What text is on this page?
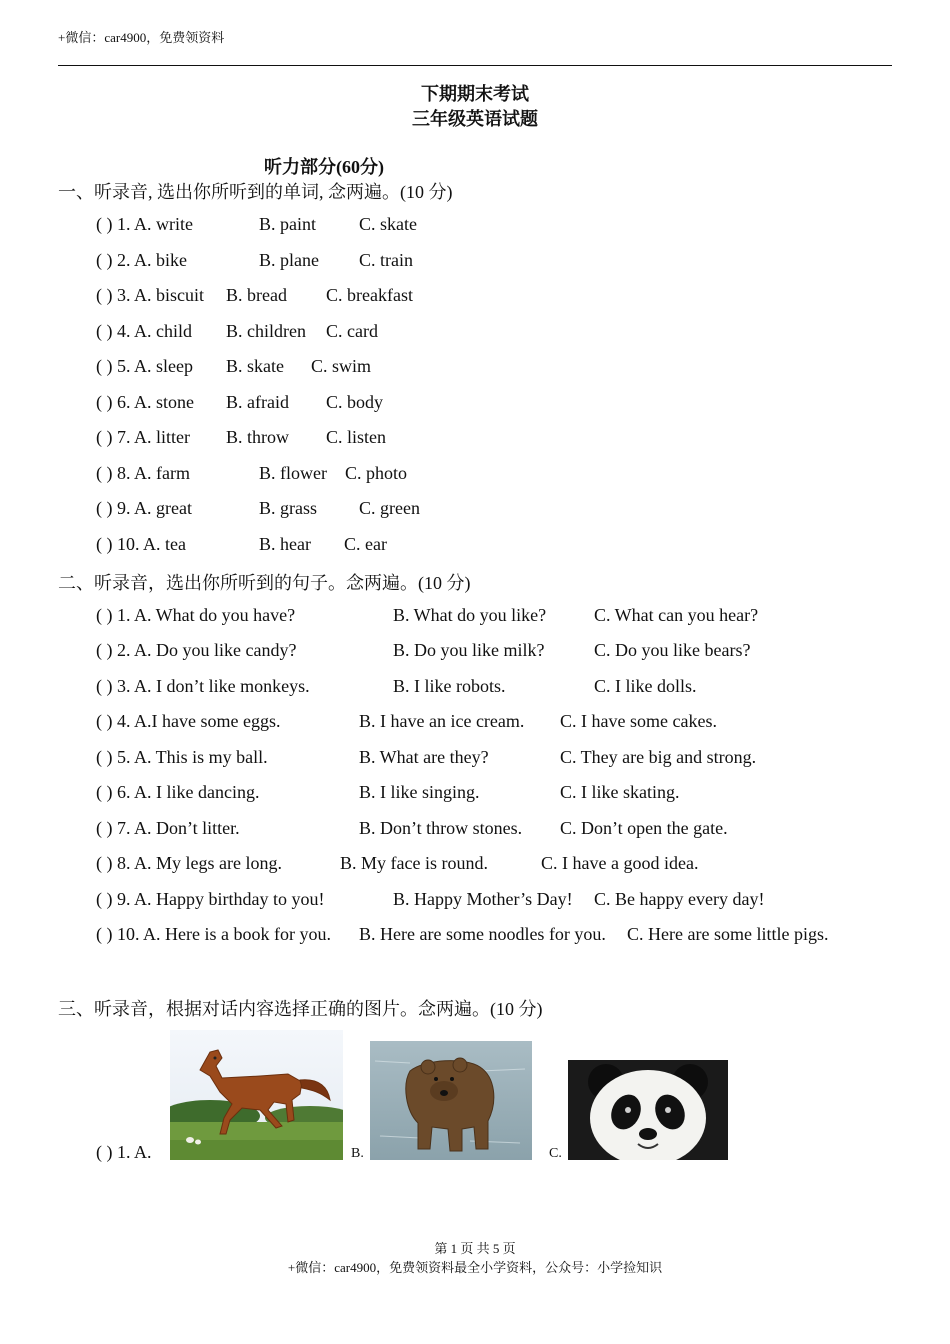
+微信：car4900，免费领资料
下期期末考试
三年级英语试题
听力部分(60分)
一、听录音, 选出你所听到的单词, 念两遍。(10 分)
( ) 1. A. write	B. paint C. skate
( ) 2. A. bike	B. plane C. train
( ) 3. A. biscuit B. bread C. breakfast
( ) 4. A. child B. children C. card
( ) 5. A. sleep B. skate C. swim
( ) 6. A. stone B. afraid C. body
( ) 7. A. litter B. throw C. listen
( ) 8. A. farm	B. flower C. photo
( ) 9. A. great	B. grass C. green
( ) 10. A. tea	B. hear C. ear
二、听录音，选出你所听到的句子。念两遍。(10 分)
( ) 1. A. What do you have?	B. What do you like?	C. What can you hear?
( ) 2. A. Do you like candy?	B. Do you like milk?	C. Do you like bears?
( ) 3. A. I don’t like monkeys.	B. I like robots.	C. I like dolls.
( ) 4. A.I have some eggs.	B. I have an ice cream. C. I have some cakes.
( ) 5. A. This is my ball.	B. What are they?	C. They are big and strong.
( ) 6. A. I like dancing.	B. I like singing.	C. I like skating.
( ) 7. A. Don’t litter.	B. Don’t throw stones. C. Don’t open the gate.
( ) 8. A. My legs are long.	B. My face is round.	C. I have a good idea.
( ) 9. A. Happy birthday to you!	B. Happy Mother’s Day! C. Be happy every day!
( ) 10. A. Here is a book for you. B. Here are some noodles for you. C. Here are some little pigs.
三、听录音，根据对话内容选择正确的图片。念两遍。(10 分)
( ) 1. A.	B.	C.
第 1 页 共 5 页
+微信：car4900，免费领资料最全小学资料，公众号：小学捡知识
